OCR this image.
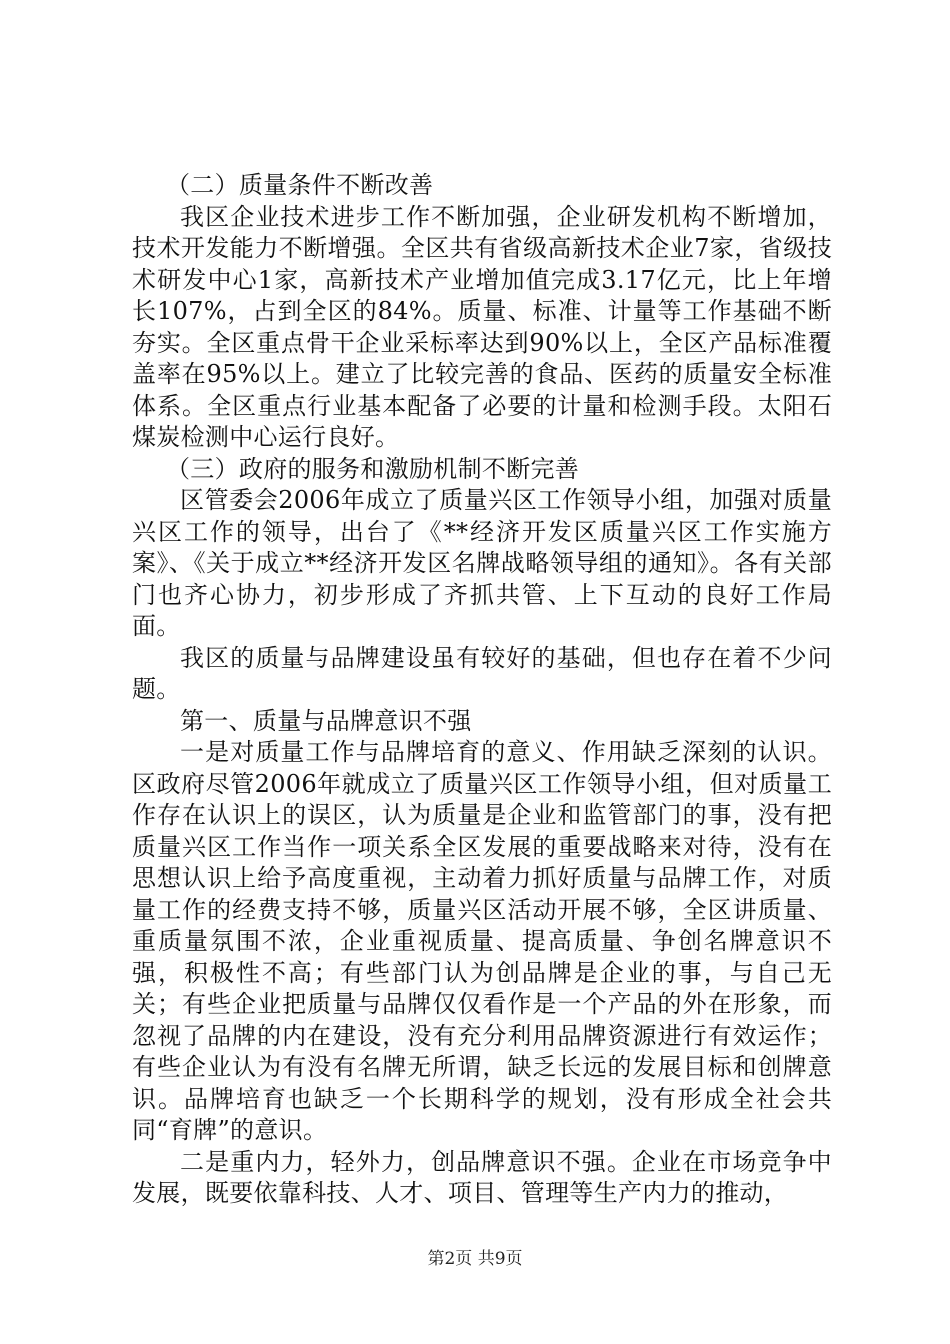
（二）质量条件不断改善

我区企业技术进步工作不断加强，企业研发机构不断增加，技术开发能力不断增强。全区共有省级高新技术企业7家，省级技术研发中心1家，高新技术产业增加值完成3.17亿元，比上年增长107%，占到全区的84%。质量、标准、计量等工作基础不断夯实。全区重点骨干企业采标率达到90%以上，全区产品标准覆盖率在95%以上。建立了比较完善的食品、医药的质量安全标准体系。全区重点行业基本配备了必要的计量和检测手段。太阳石煤炭检测中心运行良好。

（三）政府的服务和激励机制不断完善

区管委会2006年成立了质量兴区工作领导小组，加强对质量兴区工作的领导，出台了《**经济开发区质量兴区工作实施方案》、《关于成立**经济开发区名牌战略领导组的通知》。各有关部门也齐心协力，初步形成了齐抓共管、上下互动的良好工作局面。

我区的质量与品牌建设虽有较好的基础，但也存在着不少问题。

第一、质量与品牌意识不强

一是对质量工作与品牌培育的意义、作用缺乏深刻的认识。区政府尽管2006年就成立了质量兴区工作领导小组，但对质量工作存在认识上的误区，认为质量是企业和监管部门的事，没有把质量兴区工作当作一项关系全区发展的重要战略来对待，没有在思想认识上给予高度重视，主动着力抓好质量与品牌工作，对质量工作的经费支持不够，质量兴区活动开展不够，全区讲质量、重质量氛围不浓，企业重视质量、提高质量、争创名牌意识不强，积极性不高；有些部门认为创品牌是企业的事，与自己无关；有些企业把质量与品牌仅仅看作是一个产品的外在形象，而忽视了品牌的内在建设，没有充分利用品牌资源进行有效运作；有些企业认为有没有名牌无所谓，缺乏长远的发展目标和创牌意识。品牌培育也缺乏一个长期科学的规划，没有形成全社会共同“育牌”的意识。

二是重内力，轻外力，创品牌意识不强。企业在市场竞争中发展，既要依靠科技、人才、项目、管理等生产内力的推动，

第2页 共9页
